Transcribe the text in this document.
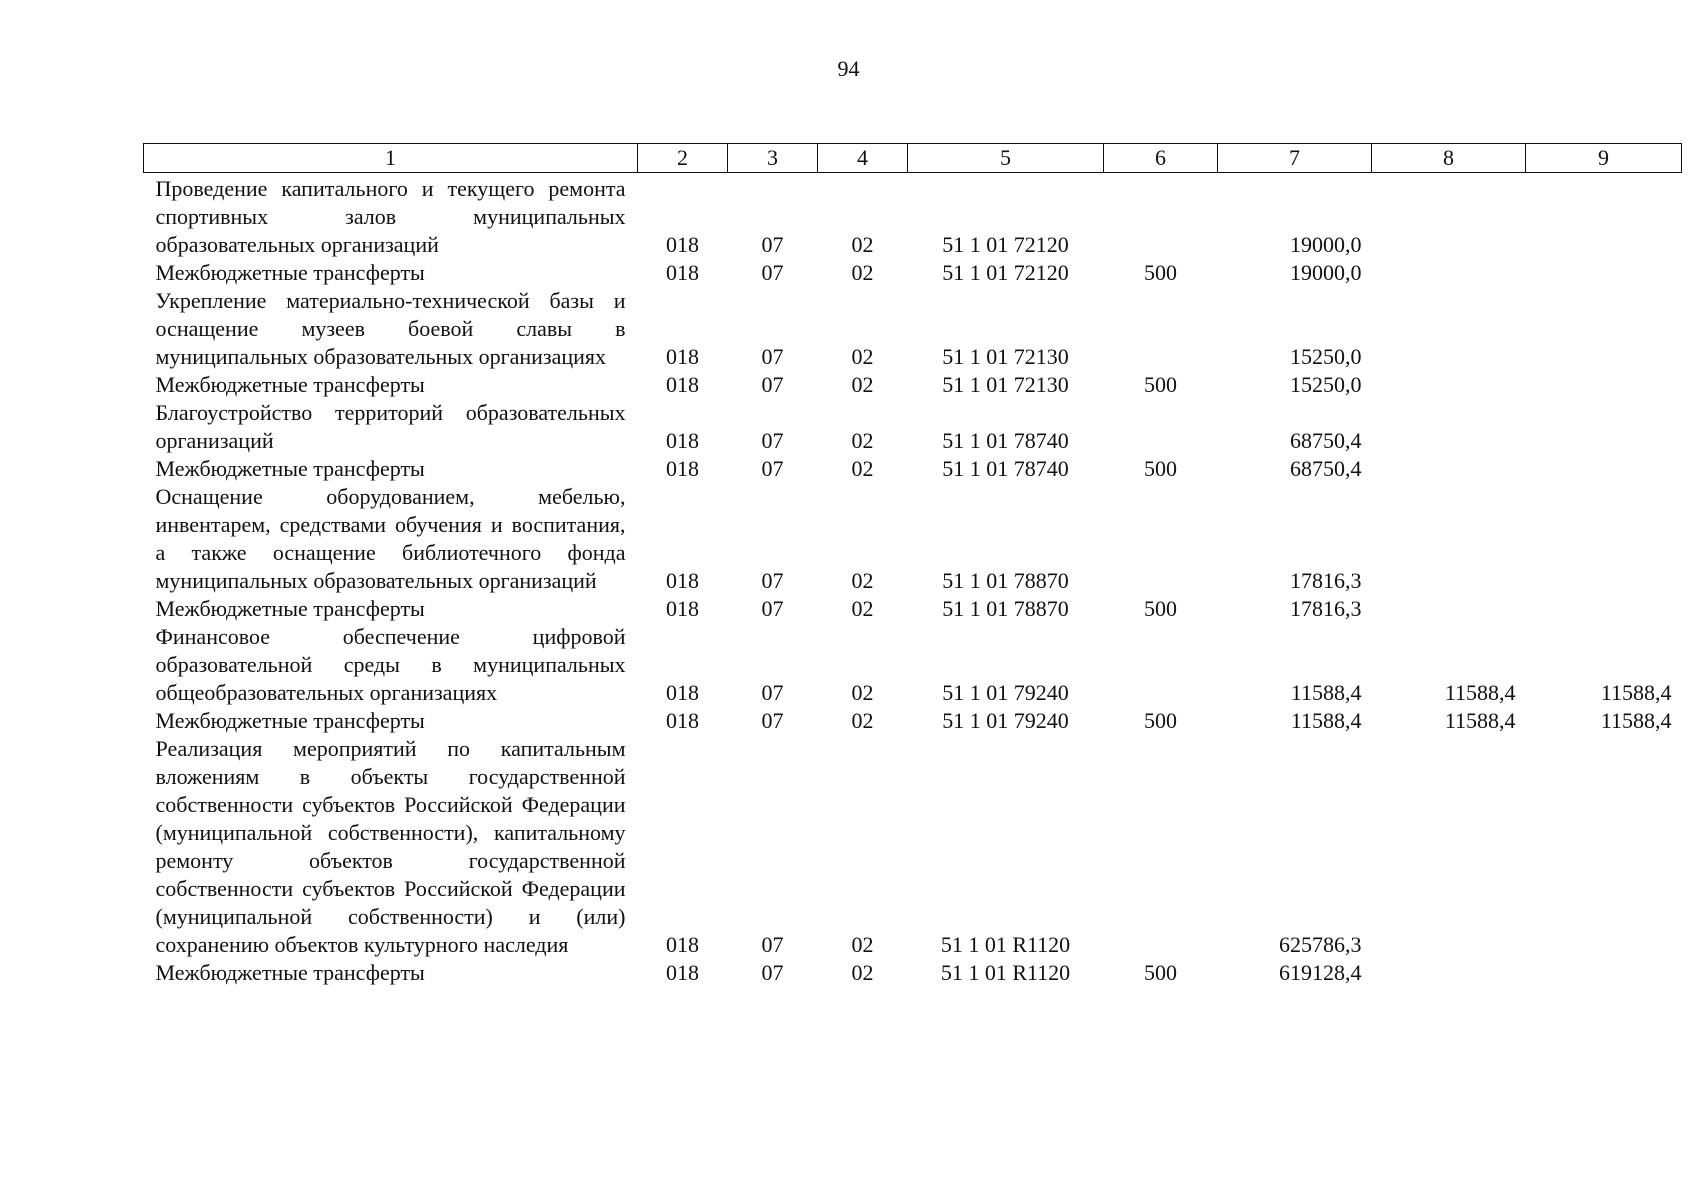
94
1	2	3	4	5	6	7	8	9
Проведение капитального и текущего ремонта спортивных залов муниципальных образовательных организаций	018	07	02	51 1 01 72120		19000,0		
Межбюджетные трансферты	018	07	02	51 1 01 72120	500	19000,0		
Укрепление материально-технической базы и оснащение музеев боевой славы в муниципальных образовательных организациях	018	07	02	51 1 01 72130		15250,0		
Межбюджетные трансферты	018	07	02	51 1 01 72130	500	15250,0		
Благоустройство территорий образовательных организаций	018	07	02	51 1 01 78740		68750,4		
Межбюджетные трансферты	018	07	02	51 1 01 78740	500	68750,4		
Оснащение оборудованием, мебелью, инвентарем, средствами обучения и воспитания, а также оснащение библиотечного фонда муниципальных образовательных организаций	018	07	02	51 1 01 78870		17816,3		
Межбюджетные трансферты	018	07	02	51 1 01 78870	500	17816,3		
Финансовое обеспечение цифровой образовательной среды в муниципальных общеобразовательных организациях	018	07	02	51 1 01 79240		11588,4	11588,4	11588,4
Межбюджетные трансферты	018	07	02	51 1 01 79240	500	11588,4	11588,4	11588,4
Реализация мероприятий по капитальным вложениям в объекты государственной собственности субъектов Российской Федерации (муниципальной собственности), капитальному ремонту объектов государственной собственности субъектов Российской Федерации (муниципальной собственности) и (или) сохранению объектов культурного наследия	018	07	02	51 1 01 R1120		625786,3		
Межбюджетные трансферты	018	07	02	51 1 01 R1120	500	619128,4		
